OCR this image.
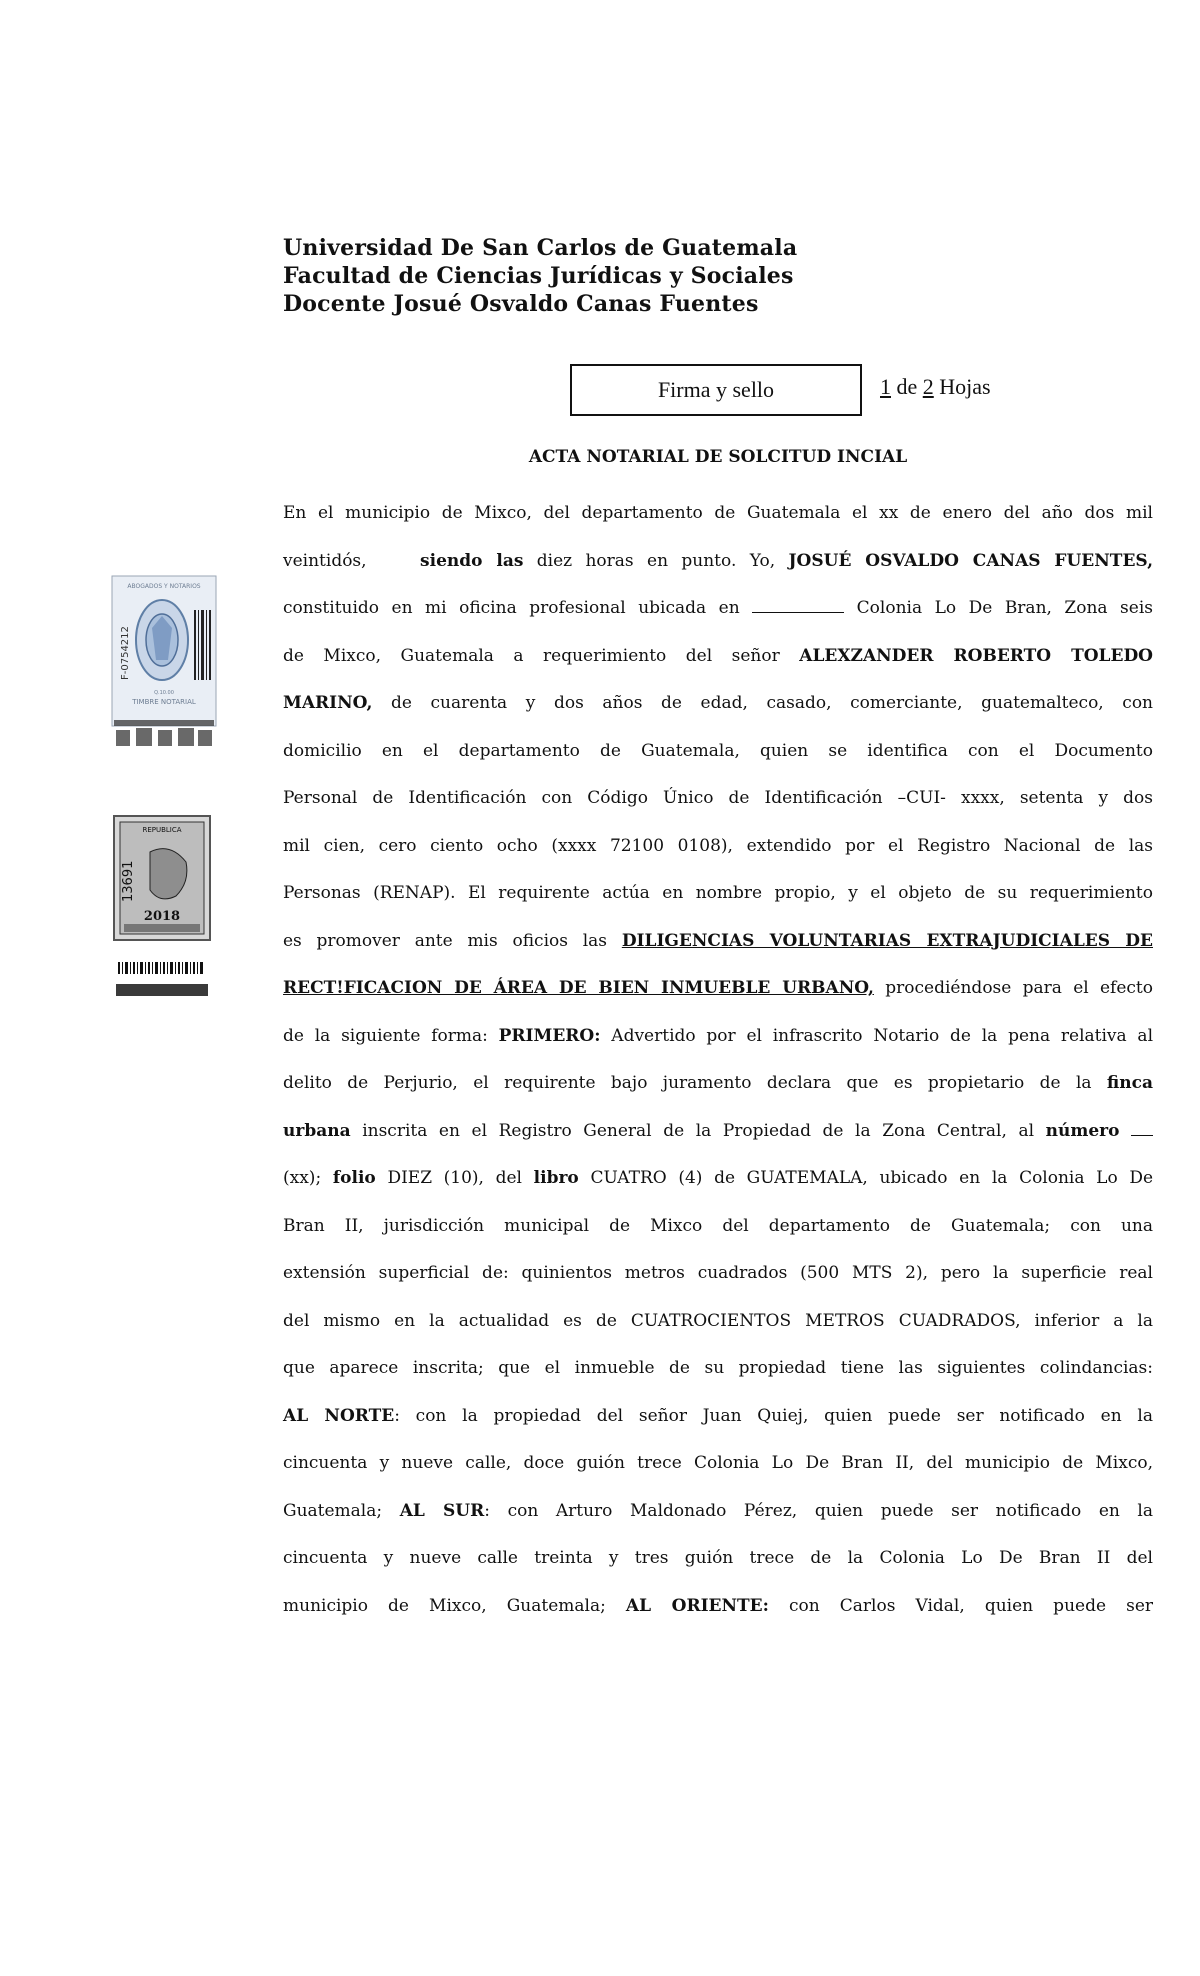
Universidad De San Carlos de Guatemala
Facultad de Ciencias Jurídicas y Sociales
Docente Josué Osvaldo Canas Fuentes
Firma y sello	1 de 2 Hojas
ACTA NOTARIAL DE SOLCITUD INCIAL
ABOGADOS Y NOTARIOS
F-0754212
Q.10.00
TIMBRE NOTARIAL
REPUBLICA
13691
2018
En el municipio de Mixco, del departamento de Guatemala el xx de enero del año dos mil
veintidós,	siendo las diez horas en punto. Yo, JOSUÉ OSVALDO CANAS FUENTES,
constituido en mi oficina profesional ubicada en	Colonia Lo De Bran, Zona seis
de Mixco, Guatemala a requerimiento del señor ALEXZANDER ROBERTO TOLEDO
MARINO, de cuarenta y dos años de edad, casado, comerciante, guatemalteco, con
domicilio en el departamento de Guatemala, quien se identifica con el Documento
Personal de Identificación con Código Único de Identificación –CUI- xxxx, setenta y dos
mil cien, cero ciento ocho (xxxx 72100 0108), extendido por el Registro Nacional de las
Personas (RENAP). El requirente actúa en nombre propio, y el objeto de su requerimiento
es promover ante mis oficios las DILIGENCIAS VOLUNTARIAS EXTRAJUDICIALES DE
RECT!FICACION DE ÁREA DE BIEN INMUEBLE URBANO, procediéndose para el efecto
de la siguiente forma: PRIMERO: Advertido por el infrascrito Notario de la pena relativa al
delito de Perjurio, el requirente bajo juramento declara que es propietario de la finca
urbana inscrita en el Registro General de la Propiedad de la Zona Central, al número
(xx); folio DIEZ (10), del libro CUATRO (4) de GUATEMALA, ubicado en la Colonia Lo De
Bran II, jurisdicción municipal de Mixco del departamento de Guatemala; con una
extensión superficial de: quinientos metros cuadrados (500 MTS 2), pero la superficie real
del mismo en la actualidad es de CUATROCIENTOS METROS CUADRADOS, inferior a la
que aparece inscrita; que el inmueble de su propiedad tiene las siguientes colindancias:
AL NORTE: con la propiedad del señor Juan Quiej, quien puede ser notificado en la
cincuenta y nueve calle, doce guión trece Colonia Lo De Bran II, del municipio de Mixco,
Guatemala; AL SUR: con Arturo Maldonado Pérez, quien puede ser notificado en la
cincuenta y nueve calle treinta y tres guión trece de la Colonia Lo De Bran II del
municipio de Mixco, Guatemala; AL ORIENTE: con Carlos Vidal, quien puede ser
